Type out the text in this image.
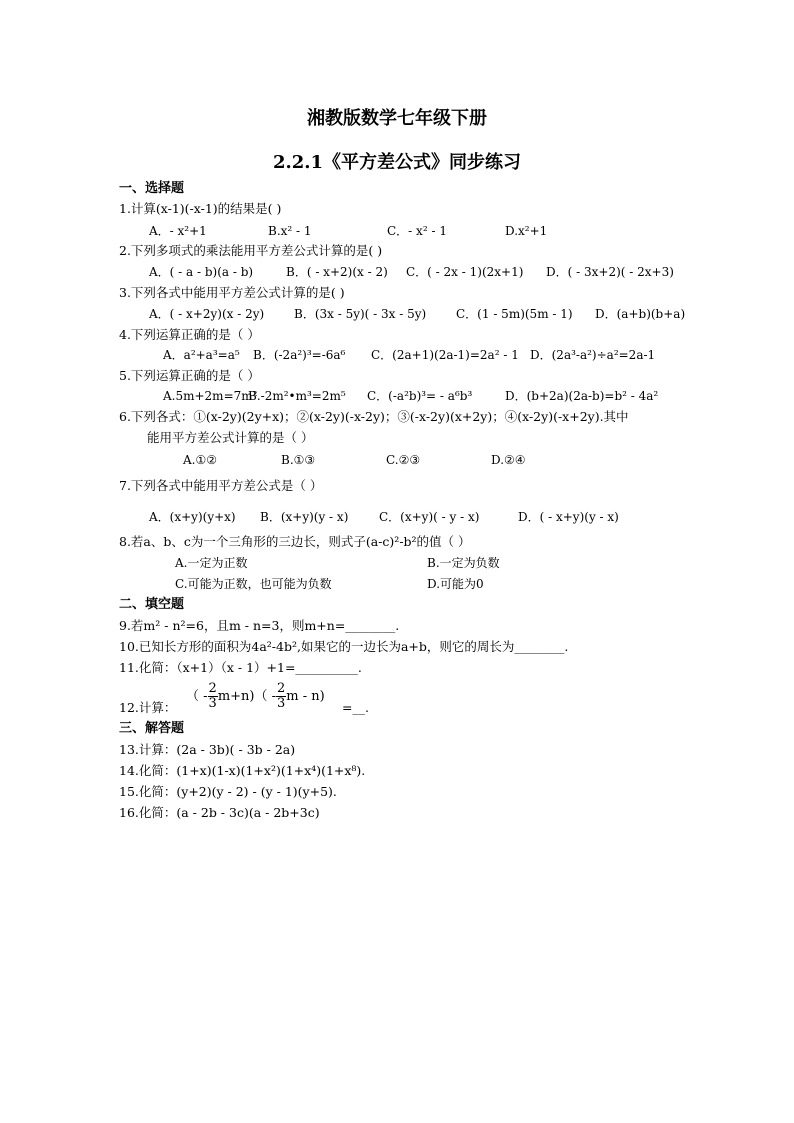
湘教版数学七年级下册
2.2.1《平方差公式》同步练习
一、选择题
1.计算(x-1)(-x-1)的结果是( )
A．- x²+1	B.x² - 1	C．- x² - 1	D.x²+1
2.下列多项式的乘法能用平方差公式计算的是( )
A．( - a - b)(a - b)	B．( - x+2)(x - 2) C．( - 2x - 1)(2x+1) D．( - 3x+2)( - 2x+3)
3.下列各式中能用平方差公式计算的是( )
A．( - x+2y)(x - 2y) B．(3x - 5y)( - 3x - 5y) C．(1 - 5m)(5m - 1) D．(a+b)(b+a)
4.下列运算正确的是（ ）
A．a²+a³=a⁵ B．(-2a²)³=-6a⁶ C．(2a+1)(2a-1)=2a² - 1 D．(2a³-a²)÷a²=2a-1
5.下列运算正确的是（ ）
A.5m+2m=7m²
B.-2m²•m³=2m⁵ C．(-a²b)³= - a⁶b³	D．(b+2a)(2a-b)=b² - 4a²
6.下列各式：①(x-2y)(2y+x)；②(x-2y)(-x-2y)；③(-x-2y)(x+2y)；④(x-2y)(-x+2y).其中
能用平方差公式计算的是（ ）
A.①②	B.①③	C.②③	D.②④
7.下列各式中能用平方差公式是（ ）
A．(x+y)(y+x) B．(x+y)(y - x)	C．(x+y)( - y - x)	D．( - x+y)(y - x)
8.若a、b、c为一个三角形的三边长，则式子(a-c)²-b²的值（ ）
A.一定为正数	B.一定为负数
C.可能为正数，也可能为负数	D.可能为0
二、填空题
9.若m² - n²=6，且m - n=3，则m+n=________.
10.已知长方形的面积为4a²-4b²,如果它的一边长为a+b，则它的周长为________.
11.化简：（x+1）（x - 1）+1=__________.
12.计算：
（ - $\frac{2}{3} m+n)( - \frac{2}{3}$ m - n)
=__.
三、解答题
13.计算：(2a - 3b)( - 3b - 2a)
14.化简：(1+x)(1-x)(1+x²)(1+x⁴)(1+x⁸).
15.化简：(y+2)(y - 2) - (y - 1)(y+5).
16.化简：(a - 2b - 3c)(a - 2b+3c)
